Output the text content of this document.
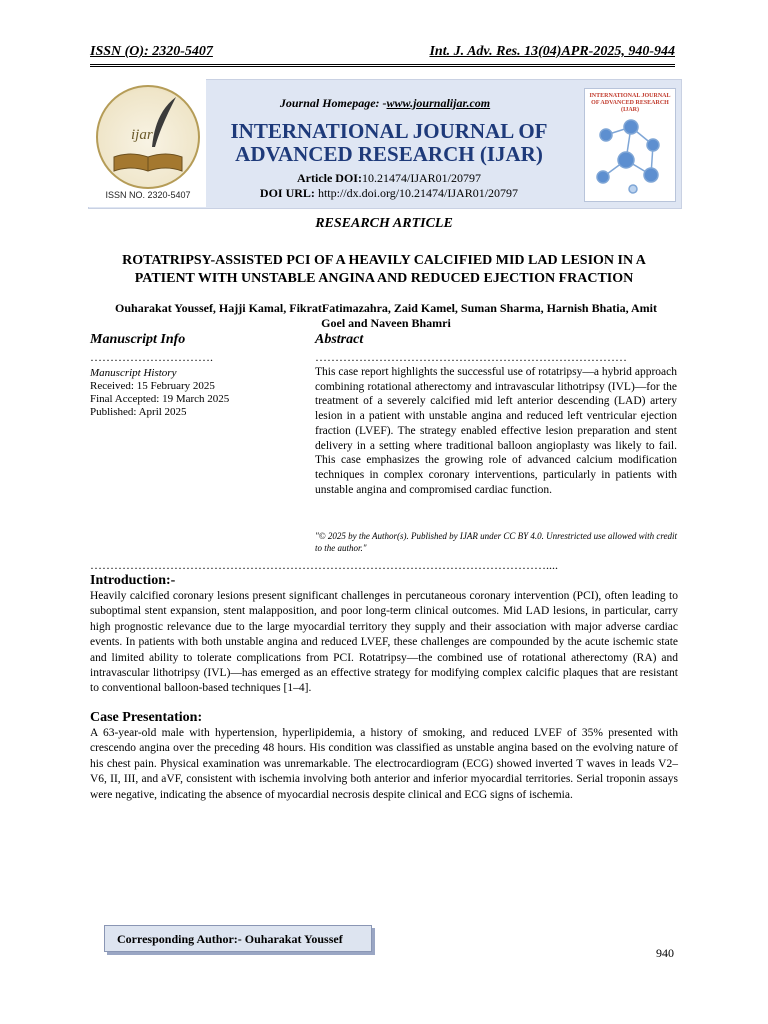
ISSN (O): 2320-5407	Int. J. Adv. Res. 13(04)APR-2025, 940-944
Journal Homepage: -www.journalijar.com
INTERNATIONAL JOURNAL OF
ADVANCED RESEARCH (IJAR)
Article DOI:10.21474/IJAR01/20797
DOI URL: http://dx.doi.org/10.21474/IJAR01/20797
INTERNATIONAL JOURNAL OF ADVANCED RESEARCH (IJAR)
ijar
ISSN NO. 2320-5407
RESEARCH ARTICLE
ROTATRIPSY-ASSISTED PCI OF A HEAVILY CALCIFIED MID LAD LESION IN A
PATIENT WITH UNSTABLE ANGINA AND REDUCED EJECTION FRACTION
Ouharakat Youssef, Hajji Kamal, FikratFatimazahra, Zaid Kamel, Suman Sharma, Harnish Bhatia, Amit
Goel and Naveen Bhamri
Manuscript Info	Abstract
………………………….	……………………………………………………………………
Manuscript History
Received: 15 February 2025
Final Accepted: 19 March 2025
Published: April 2025
This case report highlights the successful use of rotatripsy—a hybrid approach combining rotational atherectomy and intravascular lithotripsy (IVL)—for the treatment of a severely calcified mid left anterior descending (LAD) artery lesion in a patient with unstable angina and reduced left ventricular ejection fraction (LVEF). The strategy enabled effective lesion preparation and stent delivery in a setting where traditional balloon angioplasty was likely to fail. This case emphasizes the growing role of advanced calcium modification techniques in complex coronary interventions, particularly in patients with unstable angina and compromised cardiac function.
"© 2025 by the Author(s). Published by IJAR under CC BY 4.0. Unrestricted use allowed with credit to the author."
……………………………………………………………………………………………………....
Introduction:-
Heavily calcified coronary lesions present significant challenges in percutaneous coronary intervention (PCI), often leading to suboptimal stent expansion, stent malapposition, and poor long-term clinical outcomes. Mid LAD lesions, in particular, carry high prognostic relevance due to the large myocardial territory they supply and their association with major adverse cardiac events. In patients with both unstable angina and reduced LVEF, these challenges are compounded by the acute ischemic state and limited ability to tolerate complications from PCI. Rotatripsy—the combined use of rotational atherectomy (RA) and intravascular lithotripsy (IVL)—has emerged as an effective strategy for modifying complex calcific plaques that are resistant to conventional balloon-based techniques [1–4].
Case Presentation:
A 63-year-old male with hypertension, hyperlipidemia, a history of smoking, and reduced LVEF of 35% presented with crescendo angina over the preceding 48 hours. His condition was classified as unstable angina based on the evolving nature of his chest pain. Physical examination was unremarkable. The electrocardiogram (ECG) showed inverted T waves in leads V2–V6, II, III, and aVF, consistent with ischemia involving both anterior and inferior myocardial territories. Serial troponin assays were negative, indicating the absence of myocardial necrosis despite clinical and ECG signs of ischemia.
Corresponding Author:- Ouharakat Youssef
940
